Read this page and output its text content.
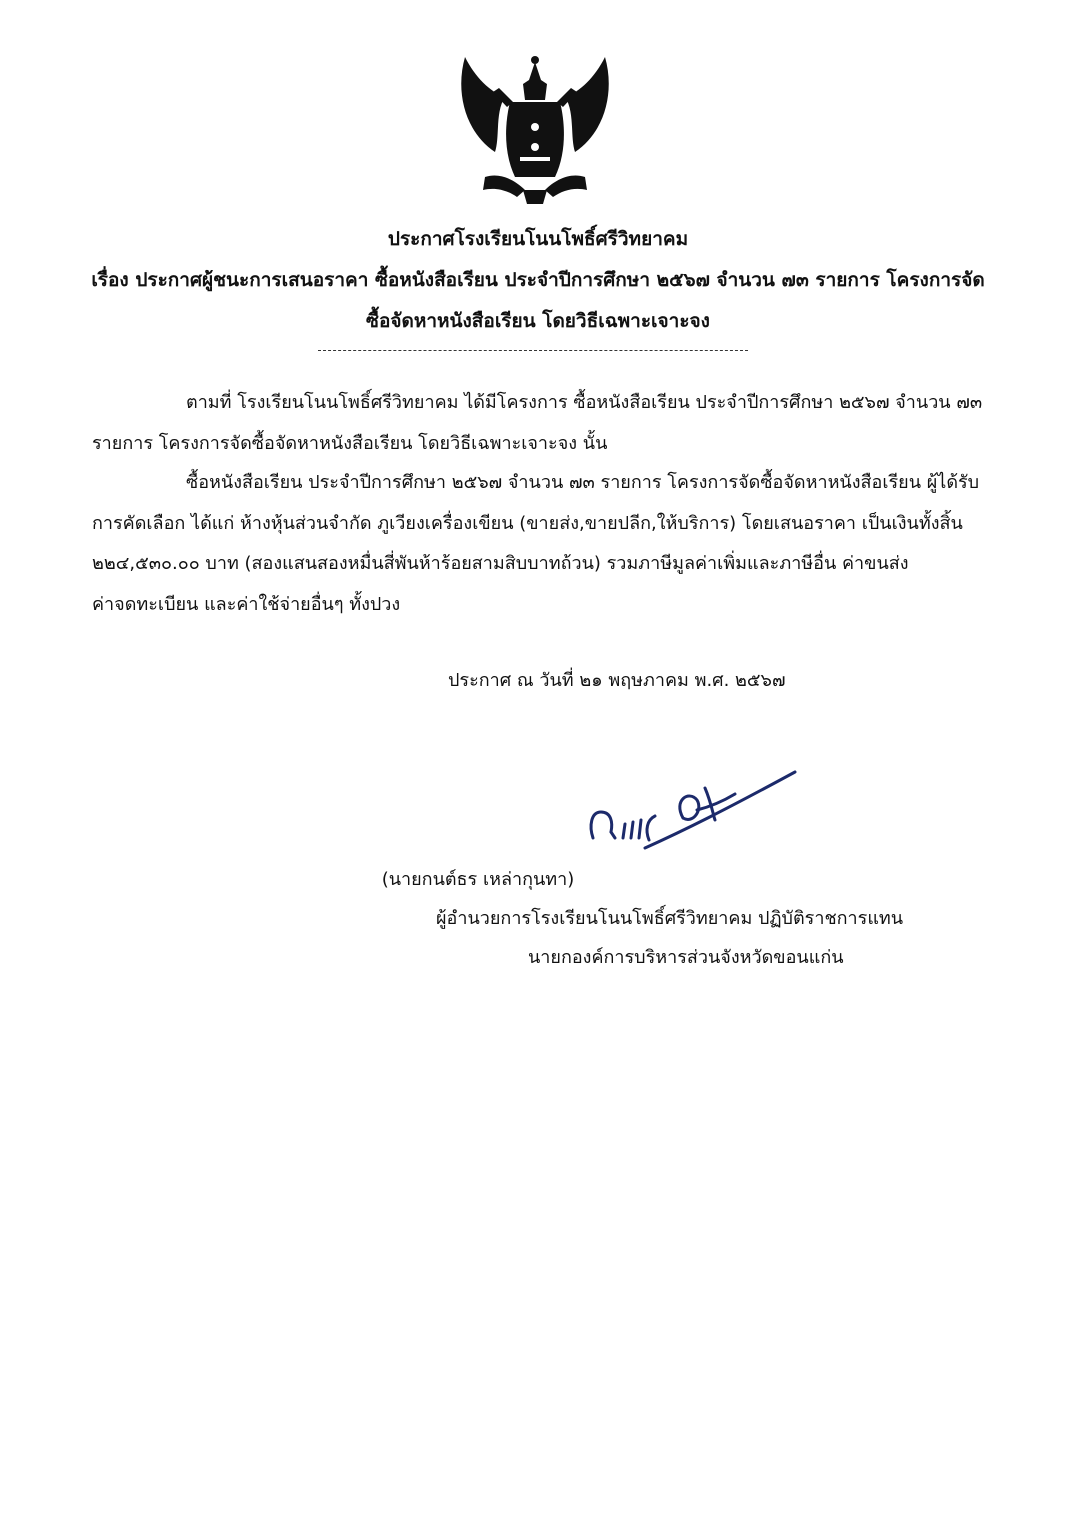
ประกาศโรงเรียนโนนโพธิ์ศรีวิทยาคม
เรื่อง ประกาศผู้ชนะการเสนอราคา ซื้อหนังสือเรียน ประจำปีการศึกษา ๒๕๖๗ จำนวน ๗๓ รายการ โครงการจัด
ซื้อจัดหาหนังสือเรียน โดยวิธีเฉพาะเจาะจง
ตามที่ โรงเรียนโนนโพธิ์ศรีวิทยาคม ได้มีโครงการ ซื้อหนังสือเรียน ประจำปีการศึกษา ๒๕๖๗ จำนวน ๗๓
รายการ โครงการจัดซื้อจัดหาหนังสือเรียน โดยวิธีเฉพาะเจาะจง นั้น
ซื้อหนังสือเรียน ประจำปีการศึกษา ๒๕๖๗ จำนวน ๗๓ รายการ โครงการจัดซื้อจัดหาหนังสือเรียน ผู้ได้รับ
การคัดเลือก ได้แก่ ห้างหุ้นส่วนจำกัด ภูเวียงเครื่องเขียน (ขายส่ง,ขายปลีก,ให้บริการ) โดยเสนอราคา เป็นเงินทั้งสิ้น
๒๒๔,๕๓๐.๐๐ บาท (สองแสนสองหมื่นสี่พันห้าร้อยสามสิบบาทถ้วน) รวมภาษีมูลค่าเพิ่มและภาษีอื่น ค่าขนส่ง
ค่าจดทะเบียน และค่าใช้จ่ายอื่นๆ ทั้งปวง
ประกาศ ณ วันที่ ๒๑ พฤษภาคม พ.ศ. ๒๕๖๗
(นายกนต์ธร เหล่ากุนทา)
ผู้อำนวยการโรงเรียนโนนโพธิ์ศรีวิทยาคม ปฏิบัติราชการแทน
นายกองค์การบริหารส่วนจังหวัดขอนแก่น
